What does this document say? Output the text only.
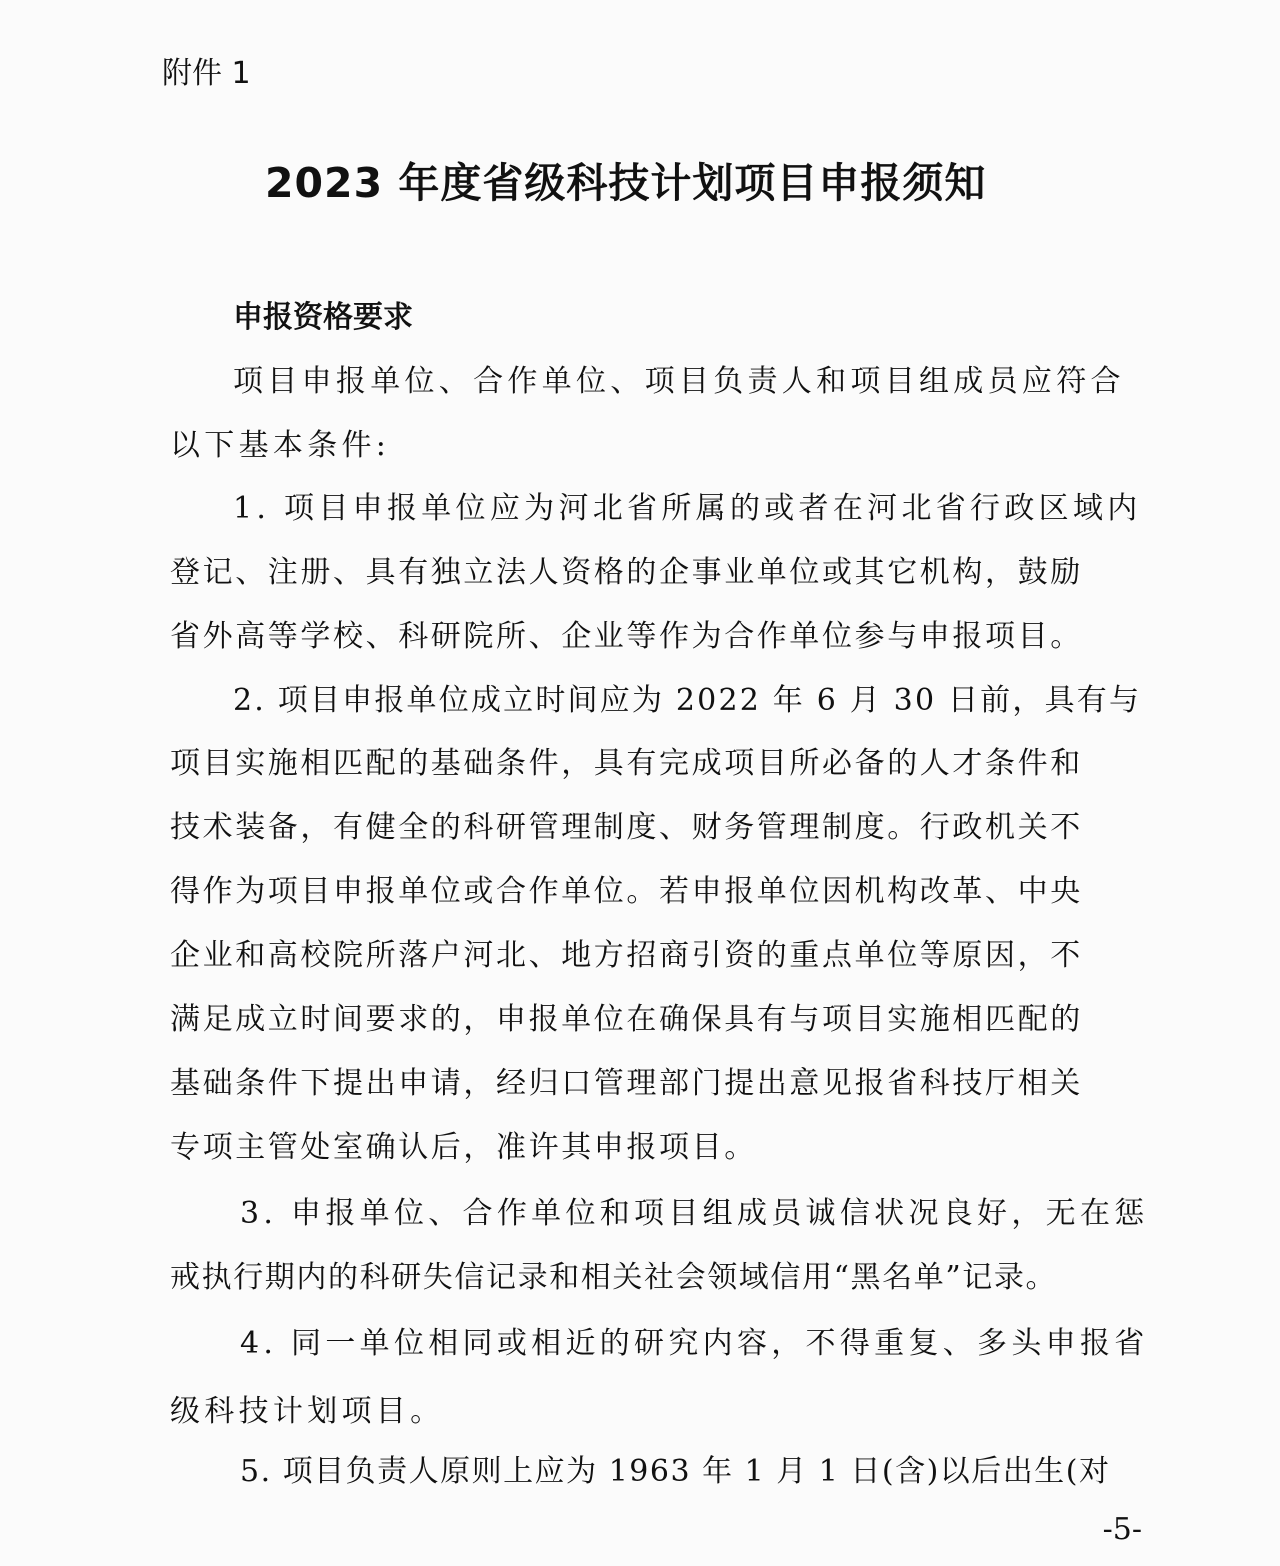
附件 1
2023 年度省级科技计划项目申报须知
申报资格要求
项目申报单位、合作单位、项目负责人和项目组成员应符合
以下基本条件:
1. 项目申报单位应为河北省所属的或者在河北省行政区域内
登记、注册、具有独立法人资格的企事业单位或其它机构，鼓励
省外高等学校、科研院所、企业等作为合作单位参与申报项目。
2. 项目申报单位成立时间应为 2022 年 6 月 30 日前，具有与
项目实施相匹配的基础条件，具有完成项目所必备的人才条件和
技术装备，有健全的科研管理制度、财务管理制度。行政机关不
得作为项目申报单位或合作单位。若申报单位因机构改革、中央
企业和高校院所落户河北、地方招商引资的重点单位等原因，不
满足成立时间要求的，申报单位在确保具有与项目实施相匹配的
基础条件下提出申请，经归口管理部门提出意见报省科技厅相关
专项主管处室确认后，准许其申报项目。
3. 申报单位、合作单位和项目组成员诚信状况良好，无在惩
戒执行期内的科研失信记录和相关社会领域信用“黑名单”记录。
4. 同一单位相同或相近的研究内容，不得重复、多头申报省
级科技计划项目。
5. 项目负责人原则上应为 1963 年 1 月 1 日(含)以后出生(对
-5-
